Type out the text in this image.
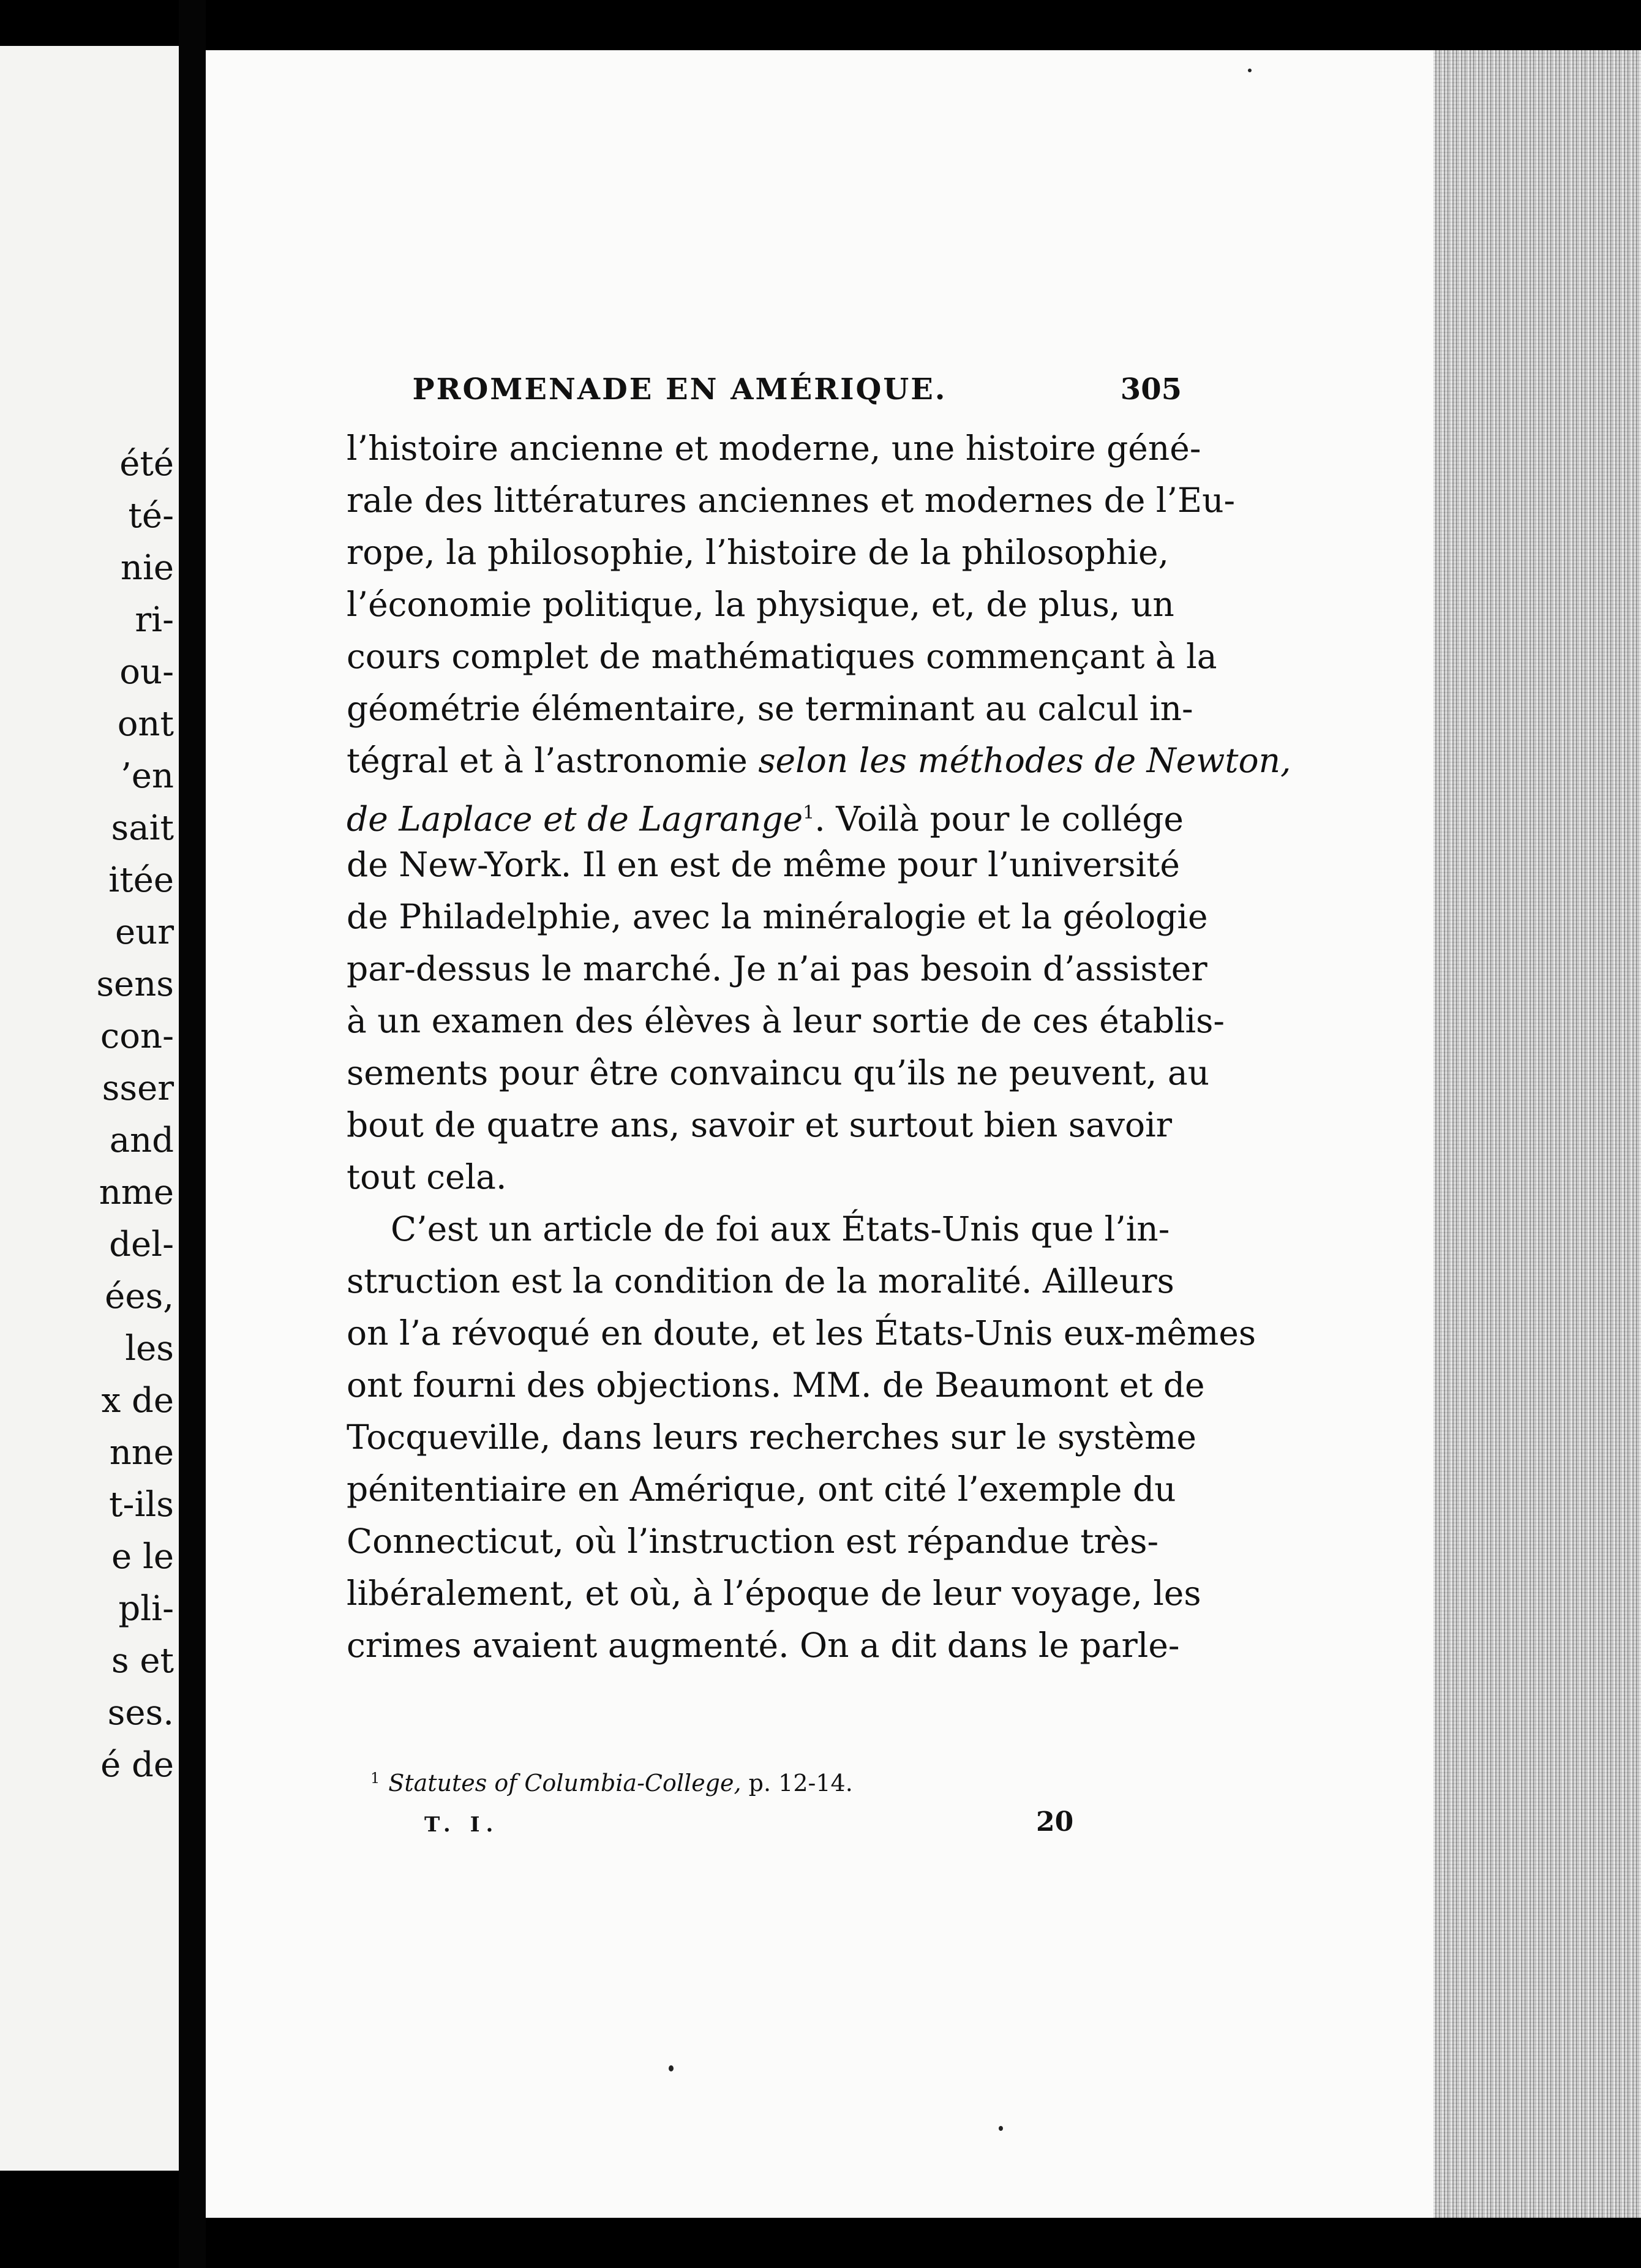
été
té-
nie
ri-
ou-
ont
’en
sait
itée
eur
sens
con-
sser
and
nme
del-
ées,
les
x de
nne
t-ils
e le
pli-
s et
ses.
é de
PROMENADE EN AMÉRIQUE.	305
l’histoire ancienne et moderne, une histoire géné-
rale des littératures anciennes et modernes de l’Eu-
rope, la philosophie, l’histoire de la philosophie,
l’économie politique, la physique, et, de plus, un
cours complet de mathématiques commençant à la
géométrie élémentaire, se terminant au calcul in-
tégral et à l’astronomie selon les méthodes de Newton,
de Laplace et de Lagrange$^1$. Voilà pour le collége
de New-York. Il en est de même pour l’université
de Philadelphie, avec la minéralogie et la géologie
par-dessus le marché. Je n’ai pas besoin d’assister
à un examen des élèves à leur sortie de ces établis-
sements pour être convaincu qu’ils ne peuvent, au
bout de quatre ans, savoir et surtout bien savoir
tout cela.
C’est un article de foi aux États-Unis que l’in-
struction est la condition de la moralité. Ailleurs
on l’a révoqué en doute, et les États-Unis eux-mêmes
ont fourni des objections. MM. de Beaumont et de
Tocqueville, dans leurs recherches sur le système
pénitentiaire en Amérique, ont cité l’exemple du
Connecticut, où l’instruction est répandue très-
libéralement, et où, à l’époque de leur voyage, les
crimes avaient augmenté. On a dit dans le parle-
$^1$ Statutes of Columbia-College, p. 12-14.
T. I.	20
